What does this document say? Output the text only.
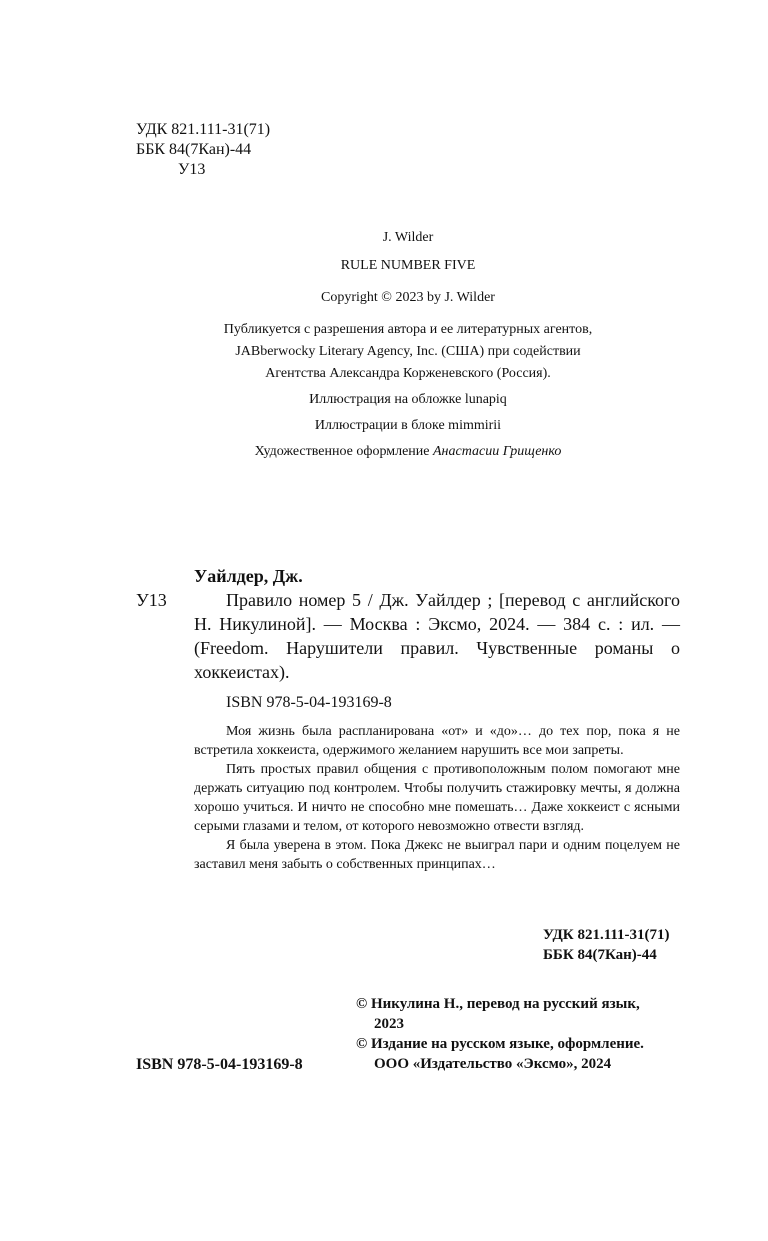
УДК 821.111-31(71)
ББК 84(7Кан)-44
У13
J. Wilder
RULE NUMBER FIVE
Copyright © 2023 by J. Wilder
Публикуется с разрешения автора и ее литературных агентов,
JABberwocky Literary Agency, Inc. (США) при содействии
Агентства Александра Корженевского (Россия).
Иллюстрация на обложке lunapiq
Иллюстрации в блоке mimmirii
Художественное оформление Анастасии Грищенко
Уайлдер, Дж.
У13	Правило номер 5 / Дж. Уайлдер ; [перевод с английского Н. Никулиной]. — Москва : Эксмо, 2024. — 384 с. : ил. — (Freedom. Нарушители правил. Чувственные романы о хоккеистах).

ISBN 978-5-04-193169-8

Моя жизнь была распланирована «от» и «до»… до тех пор, пока я не встретила хоккеиста, одержимого желанием нарушить все мои запреты.

Пять простых правил общения с противоположным полом помогают мне держать ситуацию под контролем. Чтобы получить стажировку мечты, я должна хорошо учиться. И ничто не способно мне помешать… Даже хоккеист с ясными серыми глазами и телом, от которого невозможно отвести взгляд.

Я была уверена в этом. Пока Джекс не выиграл пари и одним поцелуем не заставил меня забыть о собственных принципах…

УДК 821.111-31(71)
ББК 84(7Кан)-44
© Никулина Н., перевод на русский язык,
2023
© Издание на русском языке, оформление.
ООО «Издательство «Эксмо», 2024
ISBN 978-5-04-193169-8
